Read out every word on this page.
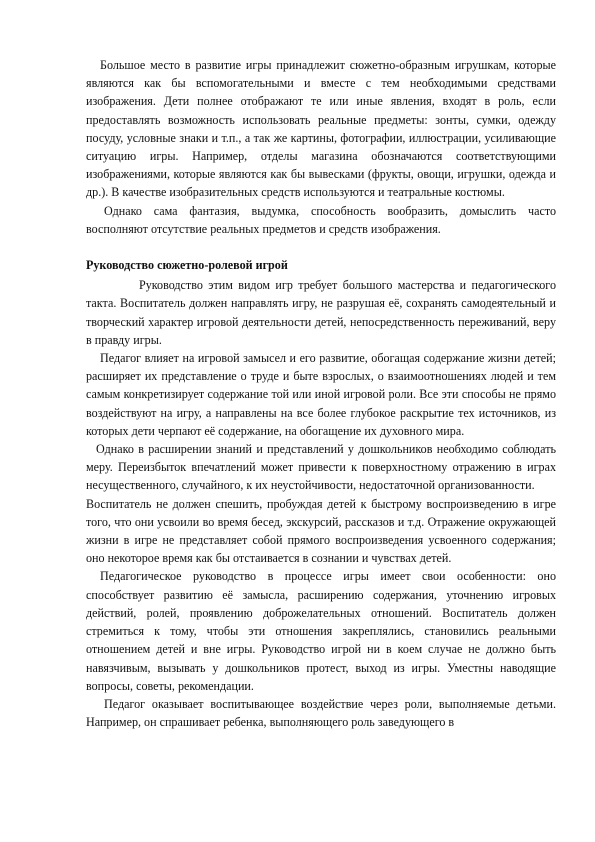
Большое место в развитие игры принадлежит сюжетно-образным игрушкам, которые являются как бы вспомогательными и вместе с тем необходимыми средствами изображения. Дети полнее отображают те или иные явления, входят в роль, если предоставлять возможность использовать реальные предметы: зонты, сумки, одежду посуду, условные знаки и т.п., а так же картины, фотографии, иллюстрации, усиливающие ситуацию игры. Например, отделы магазина обозначаются соответствующими изображениями, которые являются как бы вывесками (фрукты, овощи, игрушки, одежда и др.). В качестве изобразительных средств используются и театральные костюмы.

Однако сама фантазия, выдумка, способность вообразить, домыслить часто восполняют отсутствие реальных предметов и средств изображения.

Руководство сюжетно-ролевой игрой

Руководство этим видом игр требует большого мастерства и педагогического такта. Воспитатель должен направлять игру, не разрушая её, сохранять самодеятельный и творческий характер игровой деятельности детей, непосредственность переживаний, веру в правду игры.

Педагог влияет на игровой замысел и его развитие, обогащая содержание жизни детей; расширяет их представление о труде и быте взрослых, о взаимоотношениях людей и тем самым конкретизирует содержание той или иной игровой роли. Все эти способы не прямо воздействуют на игру, а направлены на все более глубокое раскрытие тех источников, из которых дети черпают её содержание, на обогащение их духовного мира.

Однако в расширении знаний и представлений у дошкольников необходимо соблюдать меру. Переизбыток впечатлений может привести к поверхностному отражению в играх несущественного, случайного, к их неустойчивости, недостаточной организованности.

Воспитатель не должен спешить, пробуждая детей к быстрому воспроизведению в игре того, что они усвоили во время бесед, экскурсий, рассказов и т.д. Отражение окружающей жизни в игре не представляет собой прямого воспроизведения усвоенного содержания; оно некоторое время как бы отстаивается в сознании и чувствах детей.

Педагогическое руководство в процессе игры имеет свои особенности: оно способствует развитию её замысла, расширению содержания, уточнению игровых действий, ролей, проявлению доброжелательных отношений. Воспитатель должен стремиться к тому, чтобы эти отношения закреплялись, становились реальными отношением детей и вне игры. Руководство игрой ни в коем случае не должно быть навязчивым, вызывать у дошкольников протест, выход из игры. Уместны наводящие вопросы, советы, рекомендации.

Педагог оказывает воспитывающее воздействие через роли, выполняемые детьми. Например, он спрашивает ребенка, выполняющего роль заведующего в
